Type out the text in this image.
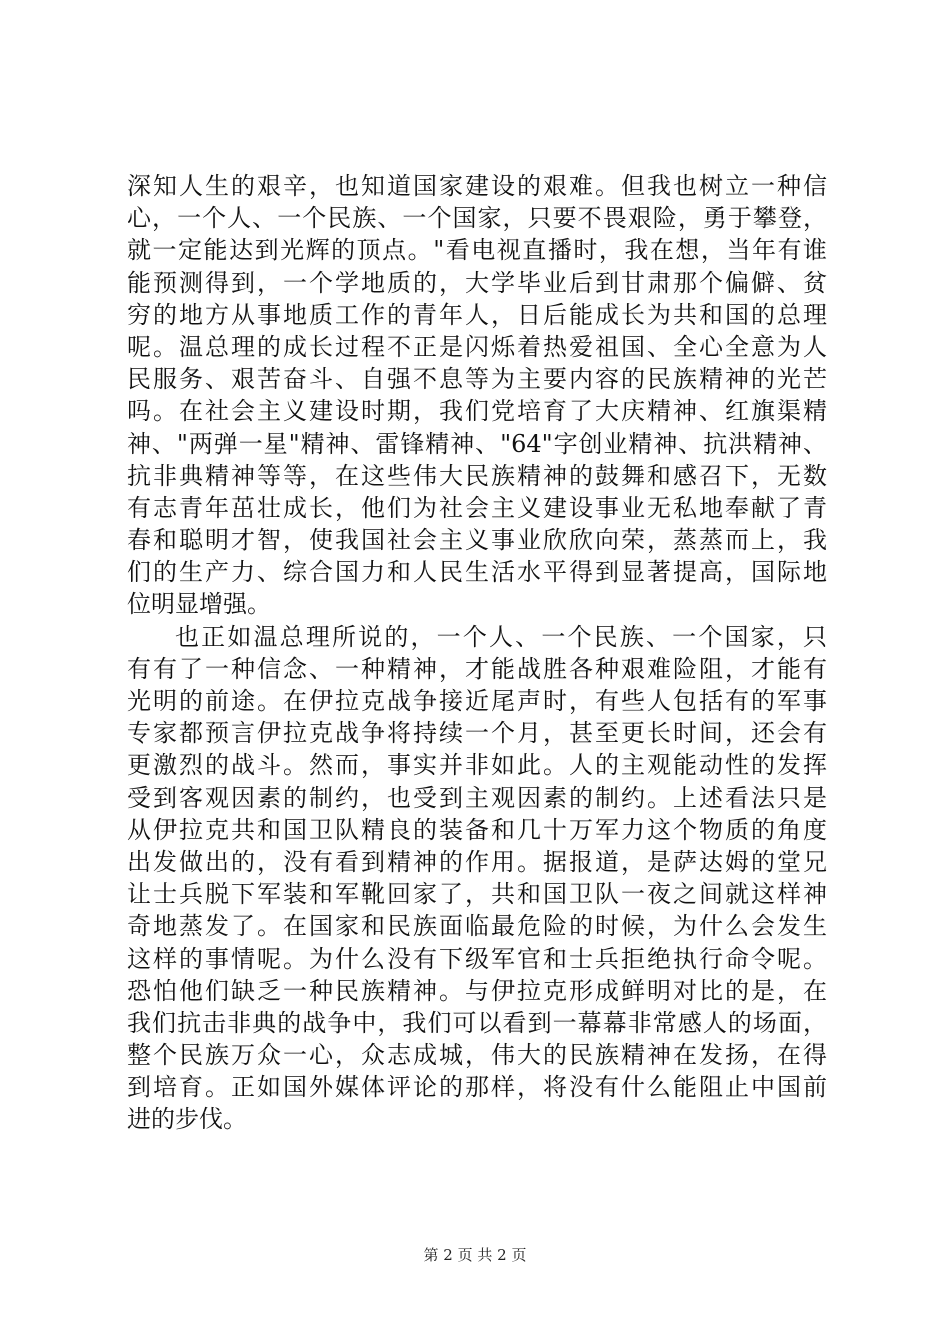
深知人生的艰辛，也知道国家建设的艰难。但我也树立一种信
心，一个人、一个民族、一个国家，只要不畏艰险，勇于攀登，
就一定能达到光辉的顶点。"看电视直播时，我在想，当年有谁
能预测得到，一个学地质的，大学毕业后到甘肃那个偏僻、贫
穷的地方从事地质工作的青年人，日后能成长为共和国的总理
呢。温总理的成长过程不正是闪烁着热爱祖国、全心全意为人
民服务、艰苦奋斗、自强不息等为主要内容的民族精神的光芒
吗。在社会主义建设时期，我们党培育了大庆精神、红旗渠精
神、"两弹一星"精神、雷锋精神、"64"字创业精神、抗洪精神、
抗非典精神等等，在这些伟大民族精神的鼓舞和感召下，无数
有志青年茁壮成长，他们为社会主义建设事业无私地奉献了青
春和聪明才智，使我国社会主义事业欣欣向荣，蒸蒸而上，我
们的生产力、综合国力和人民生活水平得到显著提高，国际地
位明显增强。
也正如温总理所说的，一个人、一个民族、一个国家，只
有有了一种信念、一种精神，才能战胜各种艰难险阻，才能有
光明的前途。在伊拉克战争接近尾声时，有些人包括有的军事
专家都预言伊拉克战争将持续一个月，甚至更长时间，还会有
更激烈的战斗。然而，事实并非如此。人的主观能动性的发挥
受到客观因素的制约，也受到主观因素的制约。上述看法只是
从伊拉克共和国卫队精良的装备和几十万军力这个物质的角度
出发做出的，没有看到精神的作用。据报道，是萨达姆的堂兄
让士兵脱下军装和军靴回家了，共和国卫队一夜之间就这样神
奇地蒸发了。在国家和民族面临最危险的时候，为什么会发生
这样的事情呢。为什么没有下级军官和士兵拒绝执行命令呢。
恐怕他们缺乏一种民族精神。与伊拉克形成鲜明对比的是，在
我们抗击非典的战争中，我们可以看到一幕幕非常感人的场面，
整个民族万众一心，众志成城，伟大的民族精神在发扬，在得
到培育。正如国外媒体评论的那样，将没有什么能阻止中国前
进的步伐。
第 2 页 共 2 页
